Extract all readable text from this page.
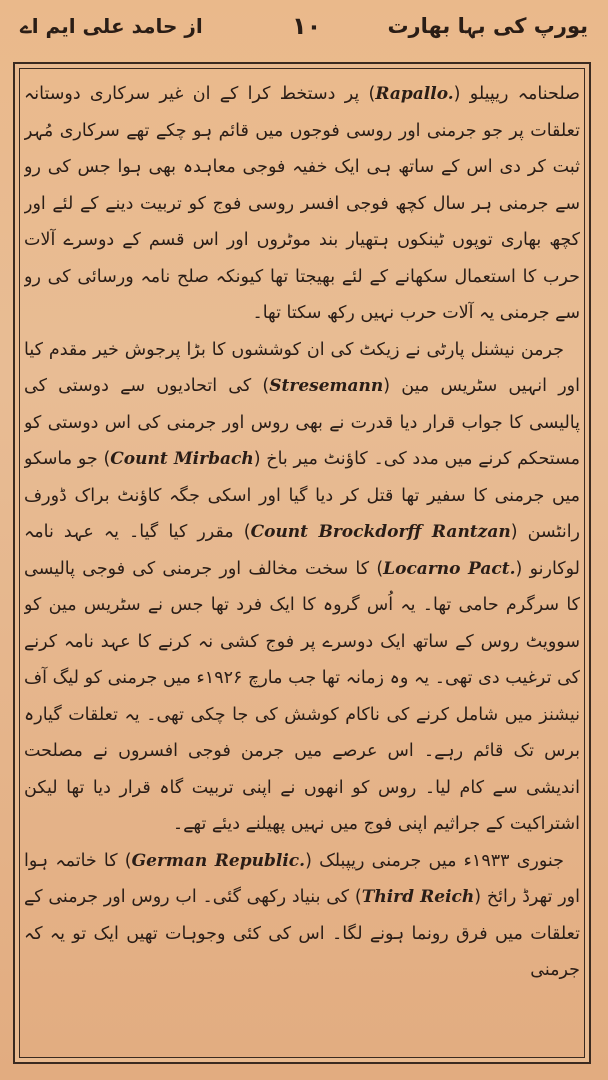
یورپ کی بہا بھارت
۱۰
از حامد علی ایم اے

صلحنامہ ریپیلو (Rapallo.) پر دستخط کرا کے ان غیر سرکاری دوستانہ تعلقات پر جو جرمنی اور روسی فوجوں میں قائم ہو چکے تھے سرکاری مُہر ثبت کر دی اس کے ساتھ ہی ایک خفیہ فوجی معاہدہ بھی ہوا جس کی رو سے جرمنی ہر سال کچھ فوجی افسر روسی فوج کو تربیت دینے کے لئے اور کچھ بھاری توپوں ٹینکوں ہتھیار بند موٹروں اور اس قسم کے دوسرے آلات حرب کا استعمال سکھانے کے لئے بھیجتا تھا کیونکہ صلح نامہ ورسائی کی رو سے جرمنی یہ آلات حرب نہیں رکھ سکتا تھا۔

جرمن نیشنل پارٹی نے زیکٹ کی ان کوششوں کا بڑا پرجوش خیر مقدم کیا اور انہیں سٹریس مین (Stresemann) کی اتحادیوں سے دوستی کی پالیسی کا جواب قرار دیا قدرت نے بھی روس اور جرمنی کی اس دوستی کو مستحکم کرنے میں مدد کی۔ کاؤنٹ میر باخ (Count Mirbach) جو ماسکو میں جرمنی کا سفیر تھا قتل کر دیا گیا اور اسکی جگہ کاؤنٹ براک ڈورف رانٹسن (Count Brockdorff Rantzan) مقرر کیا گیا۔ یہ عہد نامہ لوکارنو (Locarno Pact.) کا سخت مخالف اور جرمنی کی فوجی پالیسی کا سرگرم حامی تھا۔ یہ اُس گروہ کا ایک فرد تھا جس نے سٹریس مین کو سوویٹ روس کے ساتھ ایک دوسرے پر فوج کشی نہ کرنے کا عہد نامہ کرنے کی ترغیب دی تھی۔ یہ وہ زمانہ تھا جب مارچ ۱۹۲۶ء میں جرمنی کو لیگ آف نیشنز میں شامل کرنے کی ناکام کوشش کی جا چکی تھی۔ یہ تعلقات گیارہ برس تک قائم رہے۔ اس عرصے میں جرمن فوجی افسروں نے مصلحت اندیشی سے کام لیا۔ روس کو انھوں نے اپنی تربیت گاہ قرار دیا تھا لیکن اشتراکیت کے جراثیم اپنی فوج میں نہیں پھیلنے دیئے تھے۔

جنوری ۱۹۳۳ء میں جرمنی ریپبلک (German Republic.) کا خاتمہ ہوا اور تھرڈ رائخ (Third Reich) کی بنیاد رکھی گئی۔ اب روس اور جرمنی کے تعلقات میں فرق رونما ہونے لگا۔ اس کی کئی وجوہات تھیں ایک تو یہ کہ جرمنی
